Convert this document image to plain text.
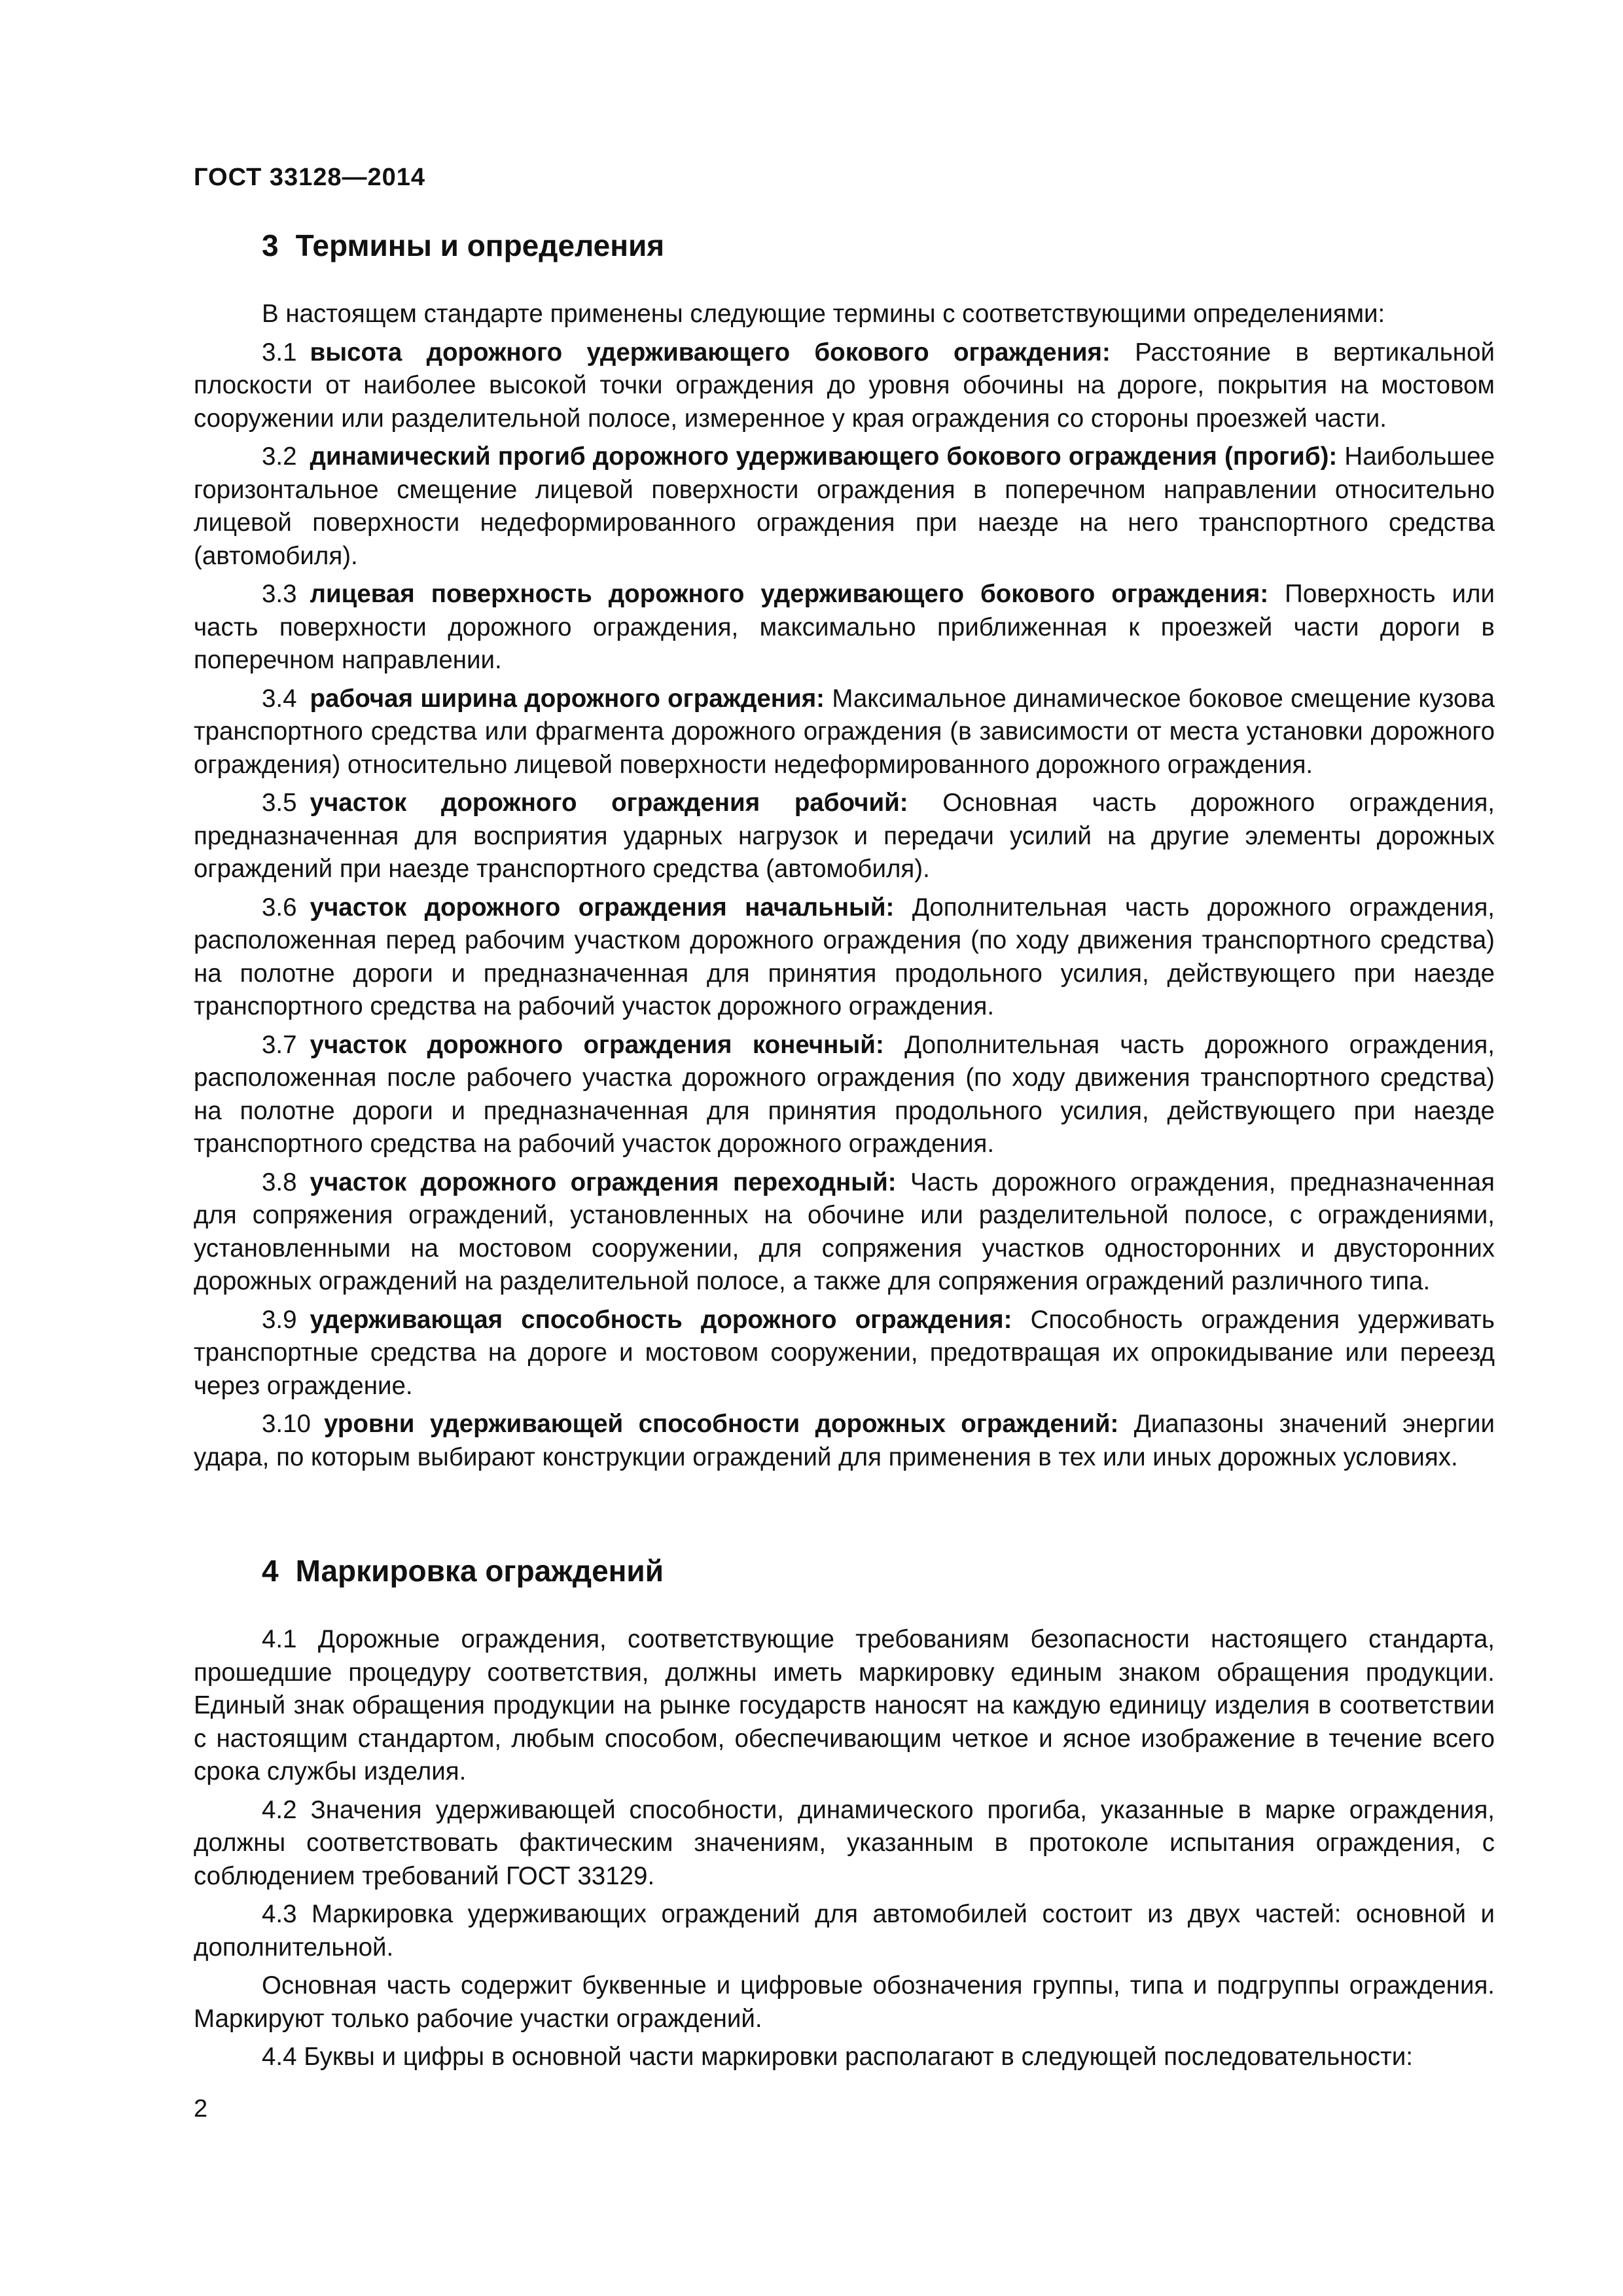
ГОСТ 33128—2014
3 Термины и определения

В настоящем стандарте применены следующие термины с соответствующими определениями:

3.1 высота дорожного удерживающего бокового ограждения: Расстояние в вертикальной плоскости от наиболее высокой точки ограждения до уровня обочины на дороге, покрытия на мостовом сооружении или разделительной полосе, измеренное у края ограждения со стороны проезжей части.

3.2 динамический прогиб дорожного удерживающего бокового ограждения (прогиб): Наибольшее горизонтальное смещение лицевой поверхности ограждения в поперечном направлении относительно лицевой поверхности недеформированного ограждения при наезде на него транспортного средства (автомобиля).

3.3 лицевая поверхность дорожного удерживающего бокового ограждения: Поверхность или часть поверхности дорожного ограждения, максимально приближенная к проезжей части дороги в поперечном направлении.

3.4 рабочая ширина дорожного ограждения: Максимальное динамическое боковое смещение кузова транспортного средства или фрагмента дорожного ограждения (в зависимости от места установки дорожного ограждения) относительно лицевой поверхности недеформированного дорожного ограждения.

3.5 участок дорожного ограждения рабочий: Основная часть дорожного ограждения, предназначенная для восприятия ударных нагрузок и передачи усилий на другие элементы дорожных ограждений при наезде транспортного средства (автомобиля).

3.6 участок дорожного ограждения начальный: Дополнительная часть дорожного ограждения, расположенная перед рабочим участком дорожного ограждения (по ходу движения транспортного средства) на полотне дороги и предназначенная для принятия продольного усилия, действующего при наезде транспортного средства на рабочий участок дорожного ограждения.

3.7 участок дорожного ограждения конечный: Дополнительная часть дорожного ограждения, расположенная после рабочего участка дорожного ограждения (по ходу движения транспортного средства) на полотне дороги и предназначенная для принятия продольного усилия, действующего при наезде транспортного средства на рабочий участок дорожного ограждения.

3.8 участок дорожного ограждения переходный: Часть дорожного ограждения, предназначенная для сопряжения ограждений, установленных на обочине или разделительной полосе, с ограждениями, установленными на мостовом сооружении, для сопряжения участков односторонних и двусторонних дорожных ограждений на разделительной полосе, а также для сопряжения ограждений различного типа.

3.9 удерживающая способность дорожного ограждения: Способность ограждения удерживать транспортные средства на дороге и мостовом сооружении, предотвращая их опрокидывание или переезд через ограждение.

3.10 уровни удерживающей способности дорожных ограждений: Диапазоны значений энергии удара, по которым выбирают конструкции ограждений для применения в тех или иных дорожных условиях.

4 Маркировка ограждений

4.1 Дорожные ограждения, соответствующие требованиям безопасности настоящего стандарта, прошедшие процедуру соответствия, должны иметь маркировку единым знаком обращения продукции. Единый знак обращения продукции на рынке государств наносят на каждую единицу изделия в соответствии с настоящим стандартом, любым способом, обеспечивающим четкое и ясное изображение в течение всего срока службы изделия.

4.2 Значения удерживающей способности, динамического прогиба, указанные в марке ограждения, должны соответствовать фактическим значениям, указанным в протоколе испытания ограждения, с соблюдением требований ГОСТ 33129.

4.3 Маркировка удерживающих ограждений для автомобилей состоит из двух частей: основной и дополнительной.

Основная часть содержит буквенные и цифровые обозначения группы, типа и подгруппы ограждения. Маркируют только рабочие участки ограждений.

4.4 Буквы и цифры в основной части маркировки располагают в следующей последовательности:

2
